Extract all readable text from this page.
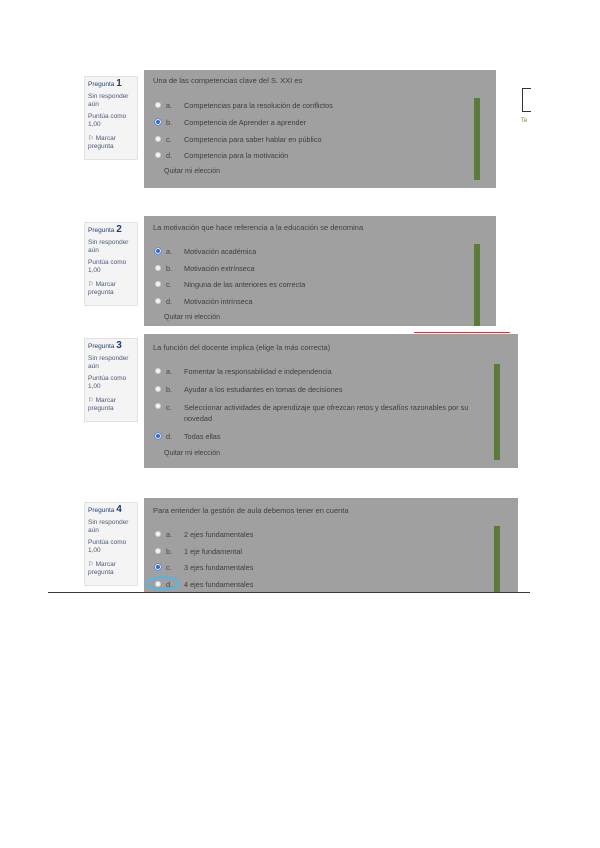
Pregunta 1
Sin responder aún
Puntúa como 1,00
⚐ Marcar pregunta
Una de las competencias clave del S. XXI es
a.	Competencias para la resolución de conflictos
b.	Competencia de Aprender a aprender
c.	Competencia para saber hablar en público
d.	Competencia para la motivación
Quitar mi elección
Te
Pregunta 2
Sin responder aún
Puntúa como 1,00
⚐ Marcar pregunta
La motivación que hace referencia a la educación se denomina
a.	Motivación académica
b.	Motivación extrínseca
c.	Ninguna de las anteriores es correcta
d.	Motivación intrínseca
Quitar mi elección
Pregunta 3
Sin responder aún
Puntúa como 1,00
⚐ Marcar pregunta
La función del docente implica (elige la más correcta)
a.	Fomentar la responsabilidad e independencia
b.	Ayudar a los estudiantes en tomas de decisiones
c.	Seleccionar actividades de aprendizaje que ofrezcan retos y desafíos razonables por su novedad
d.	Todas ellas
Quitar mi elección
Pregunta 4
Sin responder aún
Puntúa como 1,00
⚐ Marcar pregunta
Para entender la gestión de aula debemos tener en cuenta
a.	2 ejes fundamentales
b.	1 eje fundamental
c.	3 ejes fundamentales
d.	4 ejes fundamentales
